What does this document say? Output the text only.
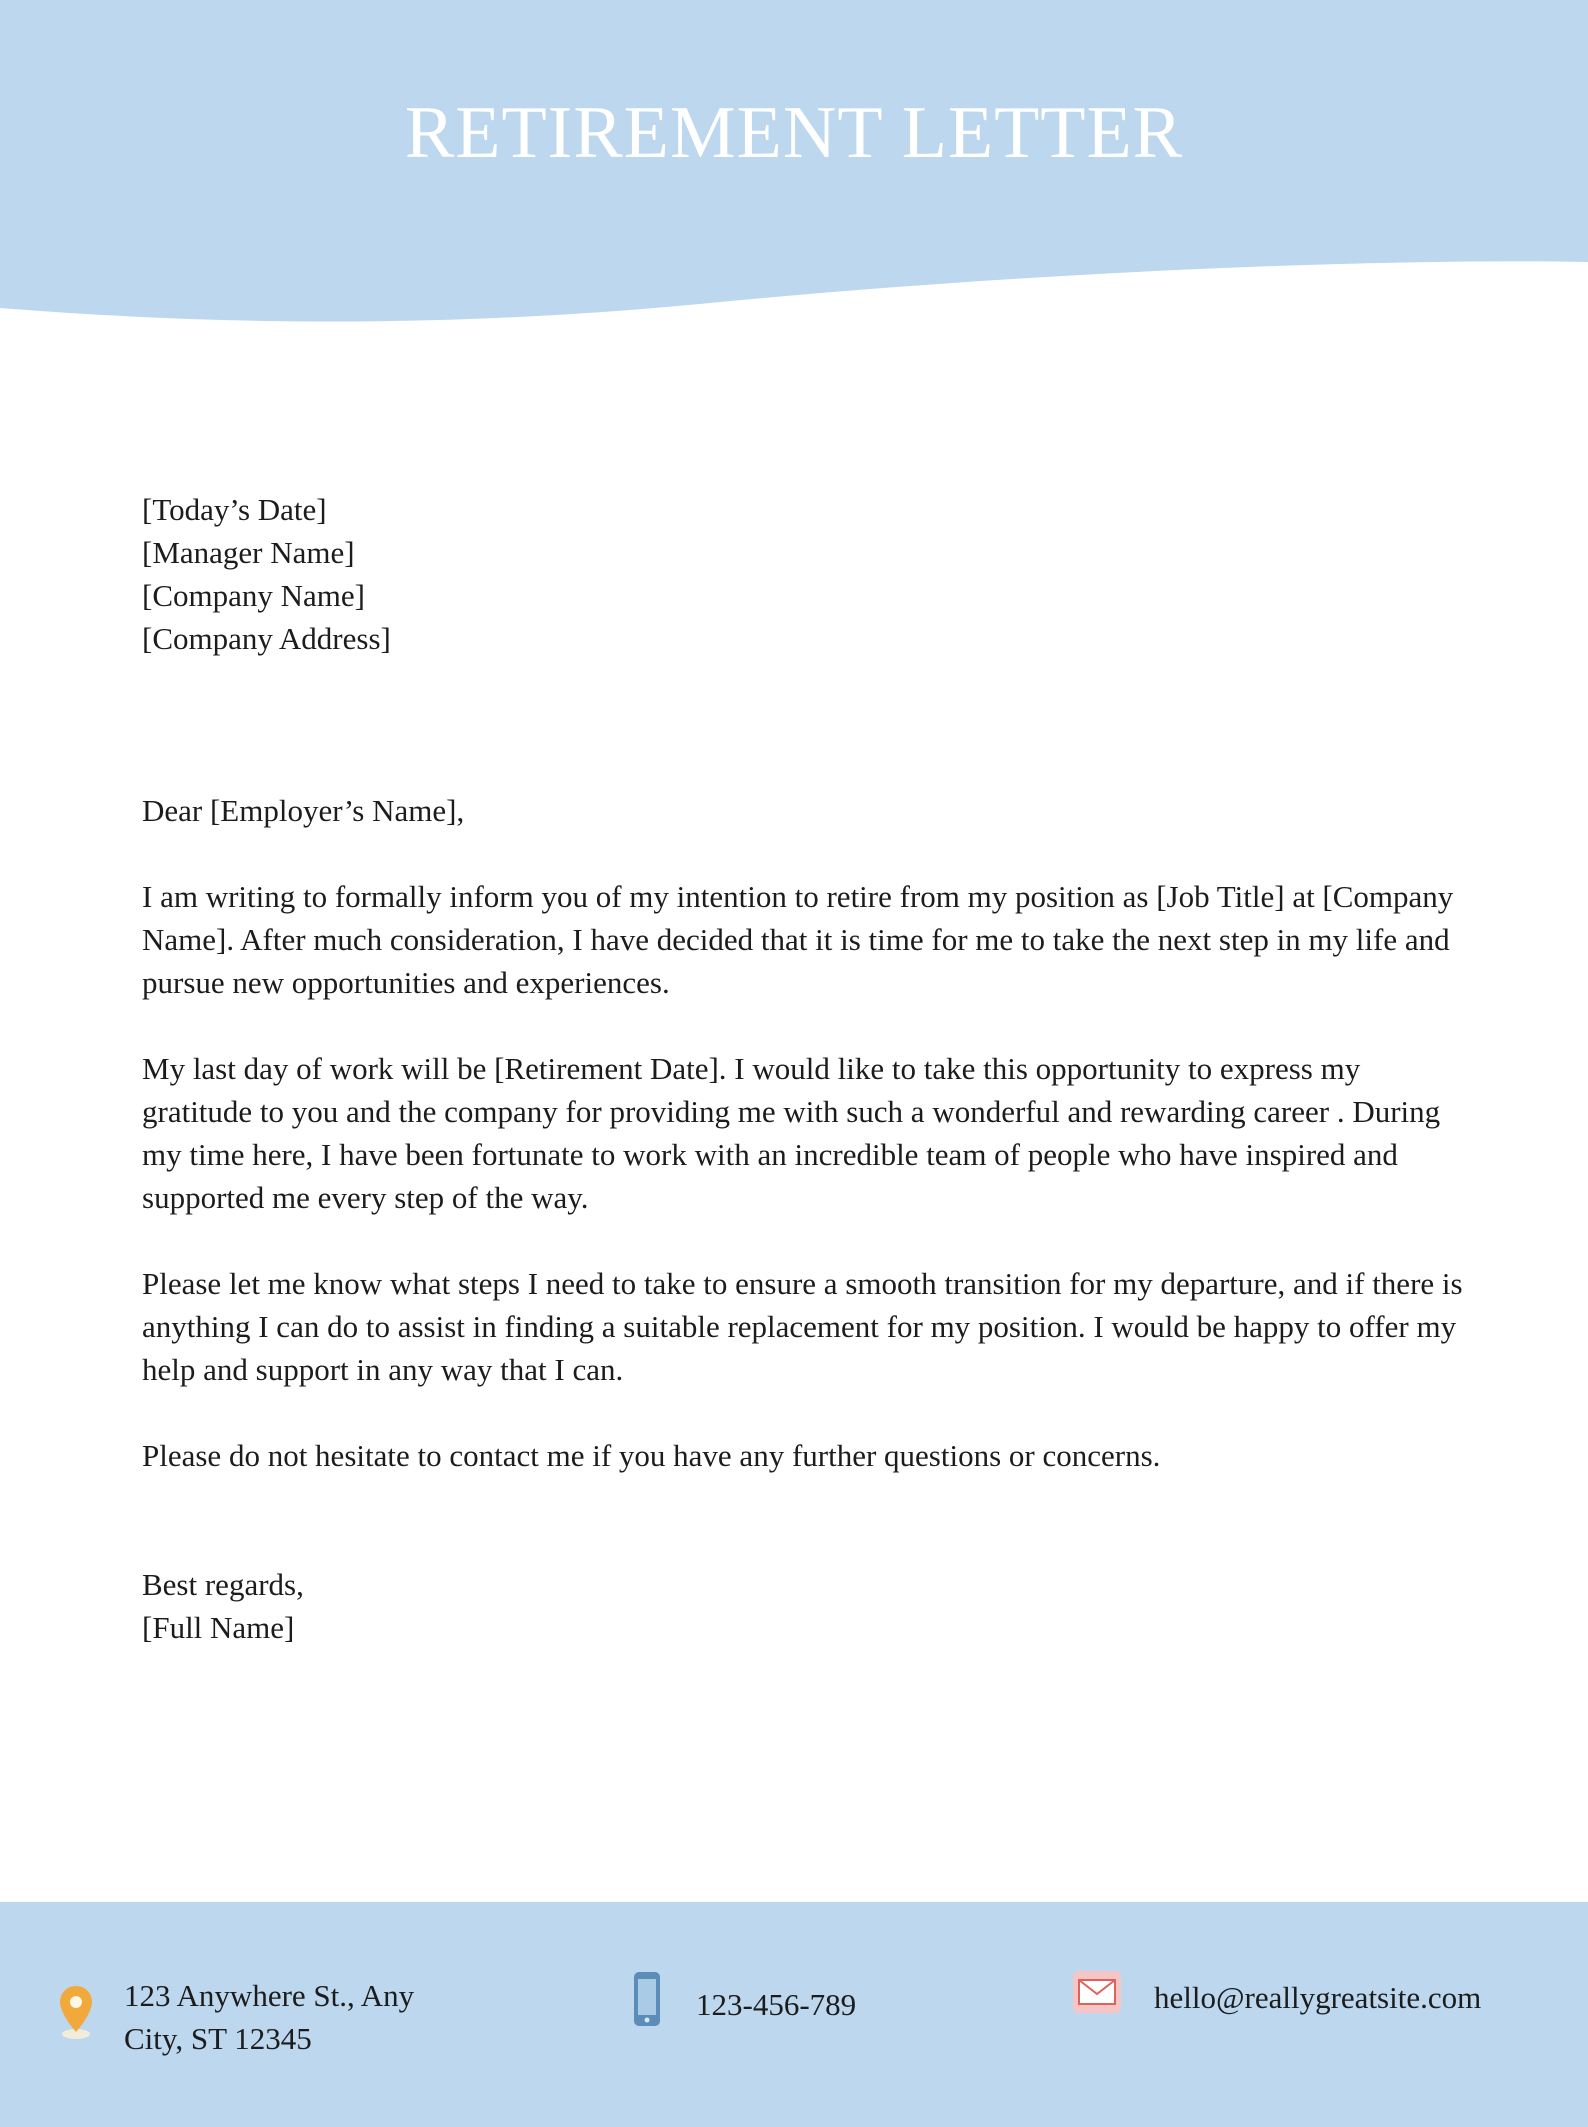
RETIREMENT LETTER
[Today’s Date]
[Manager Name]
[Company Name]
[Company Address]
Dear [Employer’s Name],
I am writing to formally inform you of my intention to retire from my position as [Job Title] at [Company Name]. After much consideration, I have decided that it is time for me to take the next step in my life and pursue new opportunities and experiences.
My last day of work will be [Retirement Date]. I would like to take this opportunity to express my gratitude to you and the company for providing me with such a wonderful and rewarding career . During my time here, I have been fortunate to work with an incredible team of people who have inspired and supported me every step of the way.
Please let me know what steps I need to take to ensure a smooth transition for my departure, and if there is anything I can do to assist in finding a suitable replacement for my position. I would be happy to offer my help and support in any way that I can.
Please do not hesitate to contact me if you have any further questions or concerns.
Best regards,
[Full Name]
123 Anywhere St., Any
City, ST 12345
123-456-789	hello@reallygreatsite.com
